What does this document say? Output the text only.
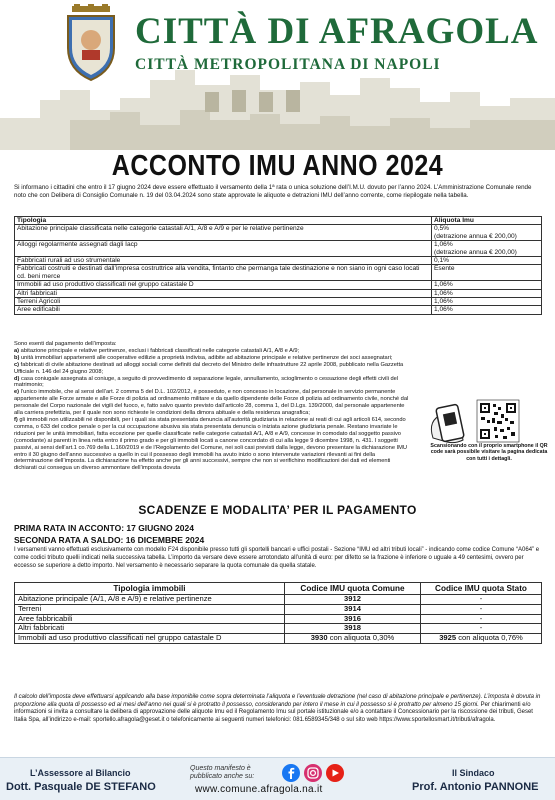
CITTÀ DI AFRAGOLA
CITTÀ METROPOLITANA DI NAPOLI
ACCONTO IMU ANNO 2024

Si informano i cittadini che entro il 17 giugno 2024 deve essere effettuato il versamento della 1ª rata o unica soluzione dell’I.M.U. dovuto per l’anno 2024. L’Amministrazione Comunale rende noto che con Delibera di Consiglio Comunale n. 19 del 03.04.2024 sono state approvate le aliquote e detrazioni IMU dell’anno corrente, come riepilogate nella tabella.

Tipologia	Aliquota Imu
Abitazione principale classificata nelle categorie catastali A/1, A/8 e A/9 e per le relative pertinenze	0,5%
(detrazione annua € 200,00)
Alloggi regolarmente assegnati dagli Iacp	1,06%
(detrazione annua € 200,00)
Fabbricati rurali ad uso strumentale	0,1%
Fabbricati costruiti e destinati dall’impresa costruttrice alla vendita, fintanto che permanga tale destinazione e non siano in ogni caso locati cd. beni merce	Esente
Immobili ad uso produttivo classificati nel gruppo catastale D	1,06%
Altri fabbricati	1,06%
Terreni Agricoli	1,06%
Aree edificabili	1,06%
Sono esenti dal pagamento dell’imposta:
a) abitazione principale e relative pertinenze, esclusi i fabbricati classificati nelle categorie catastali A/1, A/8 e A/9;
b) unità immobiliari appartenenti alle cooperative edilizie a proprietà indivisa, adibite ad abitazione principale e relative pertinenze dei soci assegnatari;
c) fabbricati di civile abitazione destinati ad alloggi sociali come definiti dal decreto del Ministro delle infrastrutture 22 aprile 2008, pubblicato nella Gazzetta Ufficiale n. 146 del 24 giugno 2008;
d) casa coniugale assegnata al coniuge, a seguito di provvedimento di separazione legale, annullamento, scioglimento o cessazione degli effetti civili del matrimonio;
e) l’unico immobile, che al sensi dell’art. 2 comma 5 del D.L. 102/2012, è posseduto, e non concesso in locazione, dal personale in servizio permanente appartenente alle Forze armate e alle Forze di polizia ad ordinamento militare e da quello dipendente delle Forze di polizia ad ordinamento civile, nonché dal personale del Corpo nazionale dei vigili del fuoco, e, fatto salvo quanto previsto dall’articolo 28, comma 1, del D.Lgs. 139/2000, dal personale appartenente alla carriera prefettizia, per il quale non sono richieste le condizioni della dimora abituale e della residenza anagrafica;
f) gli immobili non utilizzabili né disponibili, per i quali sia stata presentata denuncia all’autorità giudiziaria in relazione ai reati di cui agli articoli 614, secondo comma, o 633 del codice penale o per la cui occupazione abusiva sia stata presentata denuncia o iniziata azione giudiziaria penale. Restano invariate le riduzioni per le unità immobiliari, fatta eccezione per quelle classificate nelle categorie catastali A/1, A/8 e A/9, concesse in comodato dal soggetto passivo (comodante) ai parenti in linea retta entro il primo grado e per gli immobili locati a canone concordato di cui alla legge 9 dicembre 1998, n. 431. I soggetti passivi, ai sensi dell’art.1 co.769 della L.160/2019 e de l’Regolamento del Comune, nei soli casi previsti dalla legge, devono presentare la dichiarazione IMU entro il 30 giugno dell’anno successivo a quello in cui il possesso degli immobili ha avuto inizio o sono intervenute variazioni rilevanti ai fini della determinazione dell’imposta. La dichiarazione ha effetto anche per gli anni successivi, sempre che non si verifichino modificazioni dei dati ed elementi dichiarati cui consegua un diverso ammontare dell’imposta dovuta
Scansionando con il proprio smartphone il QR code sarà possibile visitare la pagina dedicata con tutti i dettagli.
SCADENZE E MODALITA’ PER IL PAGAMENTO
PRIMA RATA IN ACCONTO: 17 GIUGNO 2024
SECONDA RATA A SALDO: 16 DICEMBRE 2024

I versamenti vanno effettuati esclusivamente con modello F24 disponibile presso tutti gli sportelli bancari e uffici postali - Sezione “IMU ed altri tributi locali” - indicando come codice Comune “A064” e come codici tributo quelli indicati nella successiva tabella. L’importo da versare deve essere arrotondato all’unità di euro: per difetto se la frazione è inferiore o uguale a 49 centesimi, ovvero per eccesso se superiore a detto importo. Nel versamento è necessario separare la quota comunale da quella statale.

Tipologia immobili	Codice IMU quota Comune	Codice IMU quota Stato
Abitazione principale (A/1, A/8 e A/9) e relative pertinenze	3912	-
Terreni	3914	-
Aree fabbricabili	3916	-
Altri fabbricati	3918	-
Immobili ad uso produttivo classificati nel gruppo catastale D	3930 con aliquota 0,30%	3925 con aliquota 0,76%

Il calcolo dell’imposta deve effettuarsi applicando alla base imponibile come sopra determinata l’aliquota e l’eventuale detrazione (nel caso di abitazione principale e pertinenze). L’imposta è dovuta in proporzione alla quota di possesso ed ai mesi dell’anno nei quali si è protratto il possesso, considerando per intero il mese in cui il possesso si è protratto per almeno 15 giorni. Per chiarimenti e/o informazioni si invita a consultare la delibera di approvazione delle aliquote Imu ed il Regolamento Imu sul portale istituzionale e/o a contattare il Concessionario per la riscossione dei tributi, Geset Italia Spa, all’indirizzo e-mail: sportello.afragola@geset.it o telefonicamente ai seguenti numeri telefonici: 081.6589345/348 o sul sito web https://www.sportellosmart.it/tributi/afragola.

L’Assessore al Bilancio
Dott. Pasquale DE STEFANO
Questo manifesto è pubblicato anche su:
www.comune.afragola.na.it
Il Sindaco
Prof. Antonio PANNONE
